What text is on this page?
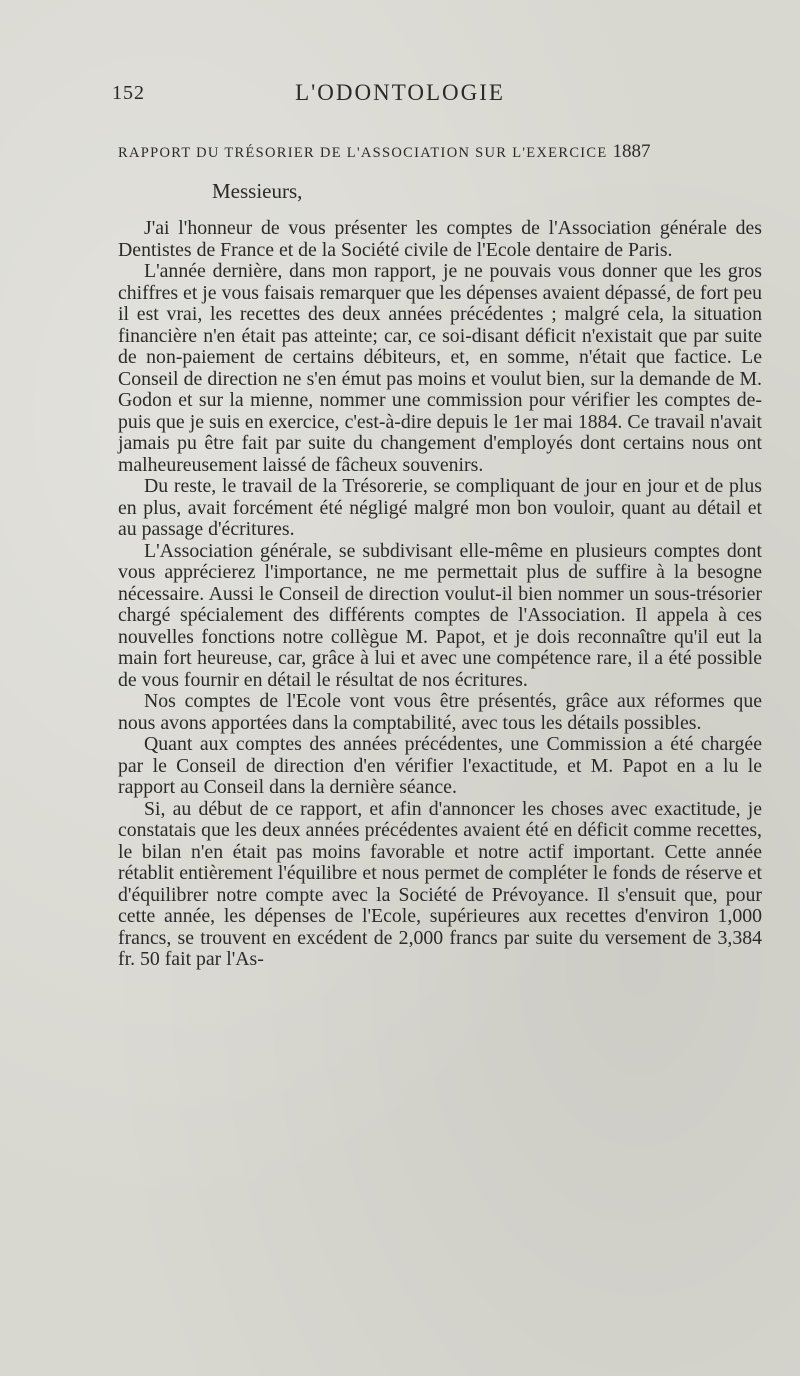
152	L'ODONTOLOGIE
RAPPORT DU TRÉSORIER DE L'ASSOCIATION SUR L'EXERCICE 1887
Messieurs,

J'ai l'honneur de vous présenter les comptes de l'Association générale des Dentistes de France et de la Société civile de l'Ecole dentaire de Paris.

L'année dernière, dans mon rapport, je ne pouvais vous donner que les gros chiffres et je vous faisais remarquer que les dépenses avaient dépassé, de fort peu il est vrai, les recettes des deux années précédentes ; malgré cela, la situation financière n'en était pas atteinte; car, ce soi-disant déficit n'existait que par suite de non-paiement de certains débiteurs, et, en somme, n'était que factice. Le Conseil de direction ne s'en émut pas moins et voulut bien, sur la demande de M. Godon et sur la mienne, nommer une commission pour vérifier les comptes depuis que je suis en exercice, c'est-à-dire depuis le 1er mai 1884. Ce travail n'avait jamais pu être fait par suite du changement d'employés dont certains nous ont malheureusement laissé de fâcheux souvenirs.

Du reste, le travail de la Trésorerie, se compliquant de jour en jour et de plus en plus, avait forcément été négligé malgré mon bon vouloir, quant au détail et au passage d'écritures.

L'Association générale, se subdivisant elle-même en plusieurs comptes dont vous apprécierez l'importance, ne me permettait plus de suffire à la besogne nécessaire. Aussi le Conseil de direction voulut-il bien nommer un sous-trésorier chargé spécialement des différents comptes de l'Association. Il appela à ces nouvelles fonctions notre collègue M. Papot, et je dois reconnaître qu'il eut la main fort heureuse, car, grâce à lui et avec une compétence rare, il a été possible de vous fournir en détail le résultat de nos écritures.

Nos comptes de l'Ecole vont vous être présentés, grâce aux réformes que nous avons apportées dans la comptabilité, avec tous les détails possibles.

Quant aux comptes des années précédentes, une Commission a été chargée par le Conseil de direction d'en vérifier l'exactitude, et M. Papot en a lu le rapport au Conseil dans la dernière séance.

Si, au début de ce rapport, et afin d'annoncer les choses avec exactitude, je constatais que les deux années précédentes avaient été en déficit comme recettes, le bilan n'en était pas moins favorable et notre actif important. Cette année rétablit entièrement l'équilibre et nous permet de compléter le fonds de réserve et d'équilibrer notre compte avec la Société de Prévoyance. Il s'ensuit que, pour cette année, les dépenses de l'Ecole, supérieures aux recettes d'environ 1,000 francs, se trouvent en excédent de 2,000 francs par suite du versement de 3,384 fr. 50 fait par l'As-
